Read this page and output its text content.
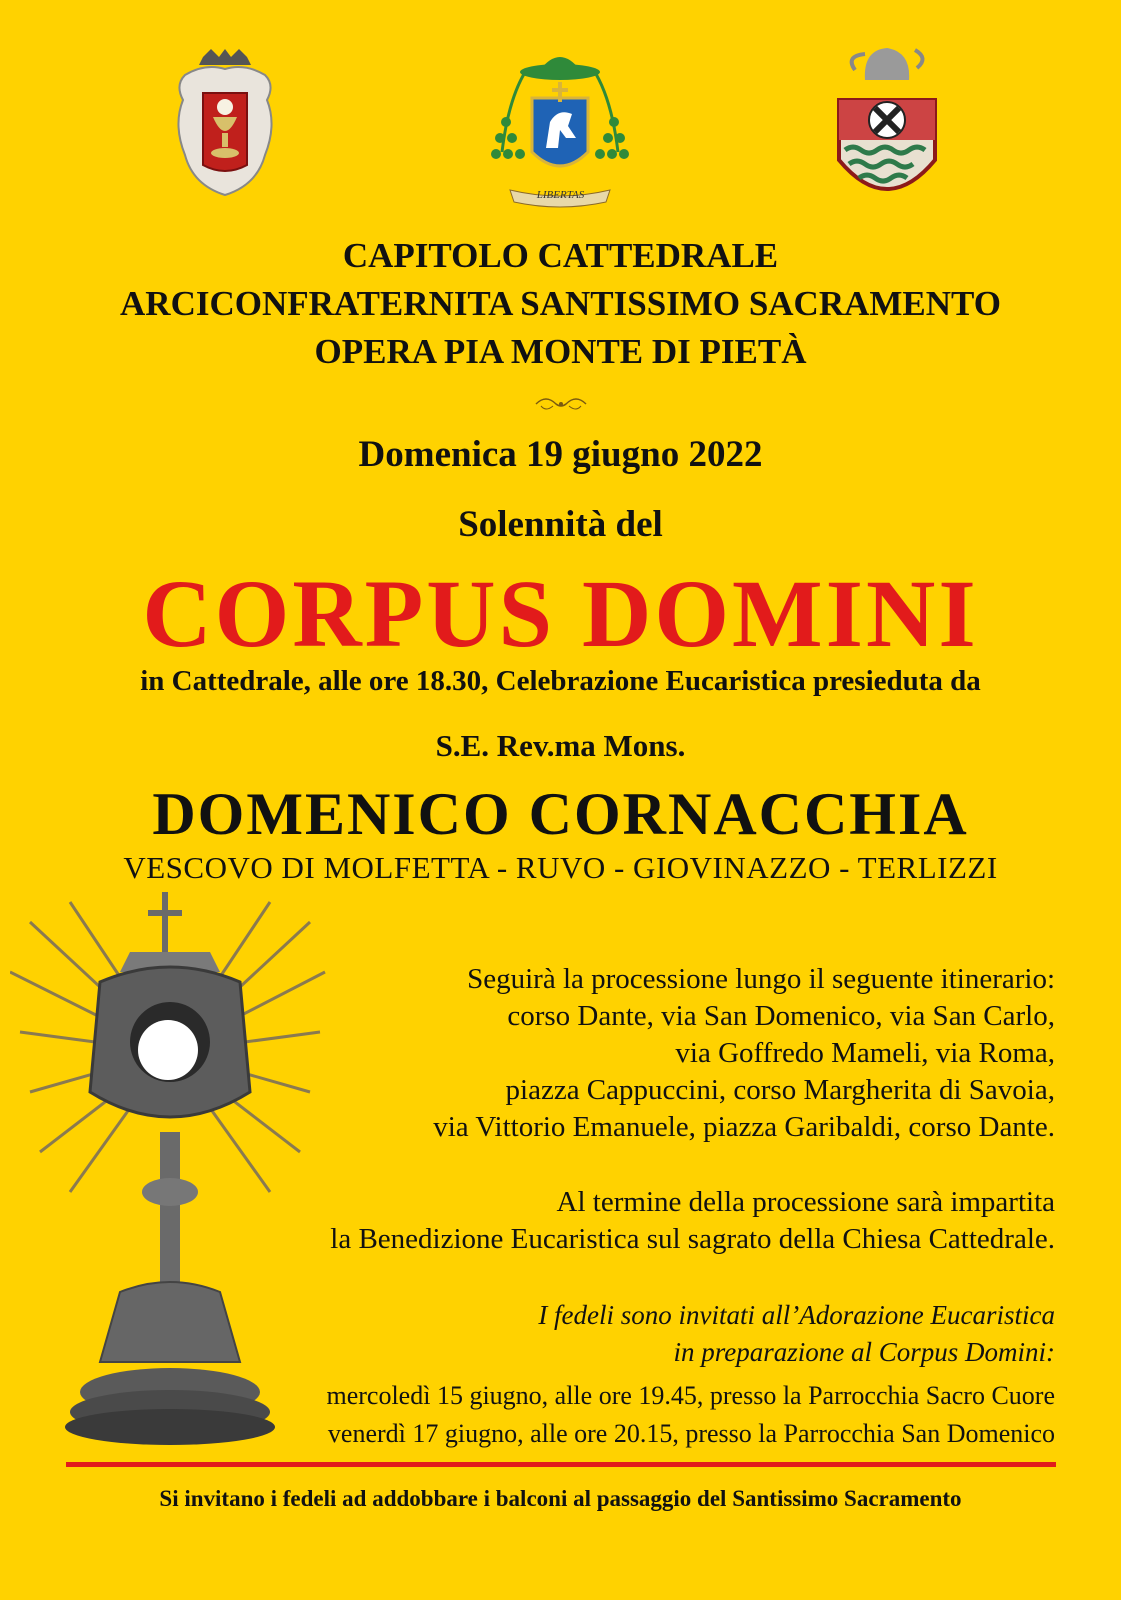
LIBERTAS
CAPITOLO CATTEDRALE
ARCICONFRATERNITA SANTISSIMO SACRAMENTO
OPERA PIA MONTE DI PIETÀ
Domenica 19 giugno 2022
Solennità del
CORPUS DOMINI
in Cattedrale, alle ore 18.30, Celebrazione Eucaristica presieduta da
S.E. Rev.ma Mons.
DOMENICO CORNACCHIA
VESCOVO DI MOLFETTA - RUVO - GIOVINAZZO - TERLIZZI
Seguirà la processione lungo il seguente itinerario:
corso Dante, via San Domenico, via San Carlo,
via Goffredo Mameli, via Roma,
piazza Cappuccini, corso Margherita di Savoia,
via Vittorio Emanuele, piazza Garibaldi, corso Dante.
Al termine della processione sarà impartita
la Benedizione Eucaristica sul sagrato della Chiesa Cattedrale.
I fedeli sono invitati all’Adorazione Eucaristica
in preparazione al Corpus Domini:
mercoledì 15 giugno, alle ore 19.45, presso la Parrocchia Sacro Cuore
venerdì 17 giugno, alle ore 20.15, presso la Parrocchia San Domenico
Si invitano i fedeli ad addobbare i balconi al passaggio del Santissimo Sacramento
